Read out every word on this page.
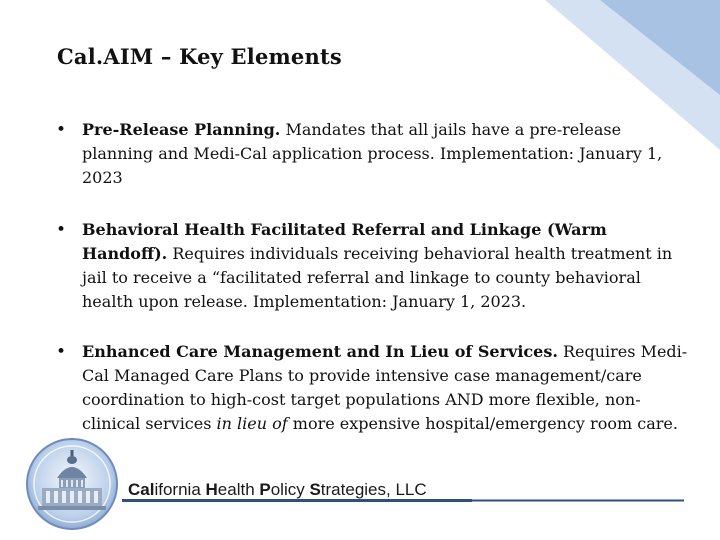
Cal.AIM – Key Elements
• Pre-Release Planning. Mandates that all jails have a pre-release planning and Medi-Cal application process. Implementation: January 1, 2023
• Behavioral Health Facilitated Referral and Linkage (Warm Handoff). Requires individuals receiving behavioral health treatment in jail to receive a “facilitated referral and linkage to county behavioral health upon release. Implementation: January 1, 2023.
• Enhanced Care Management and In Lieu of Services. Requires Medi-Cal Managed Care Plans to provide intensive case management/care coordination to high-cost target populations AND more flexible, non-clinical services in lieu of more expensive hospital/emergency room care.
California Health Policy Strategies, LLC
